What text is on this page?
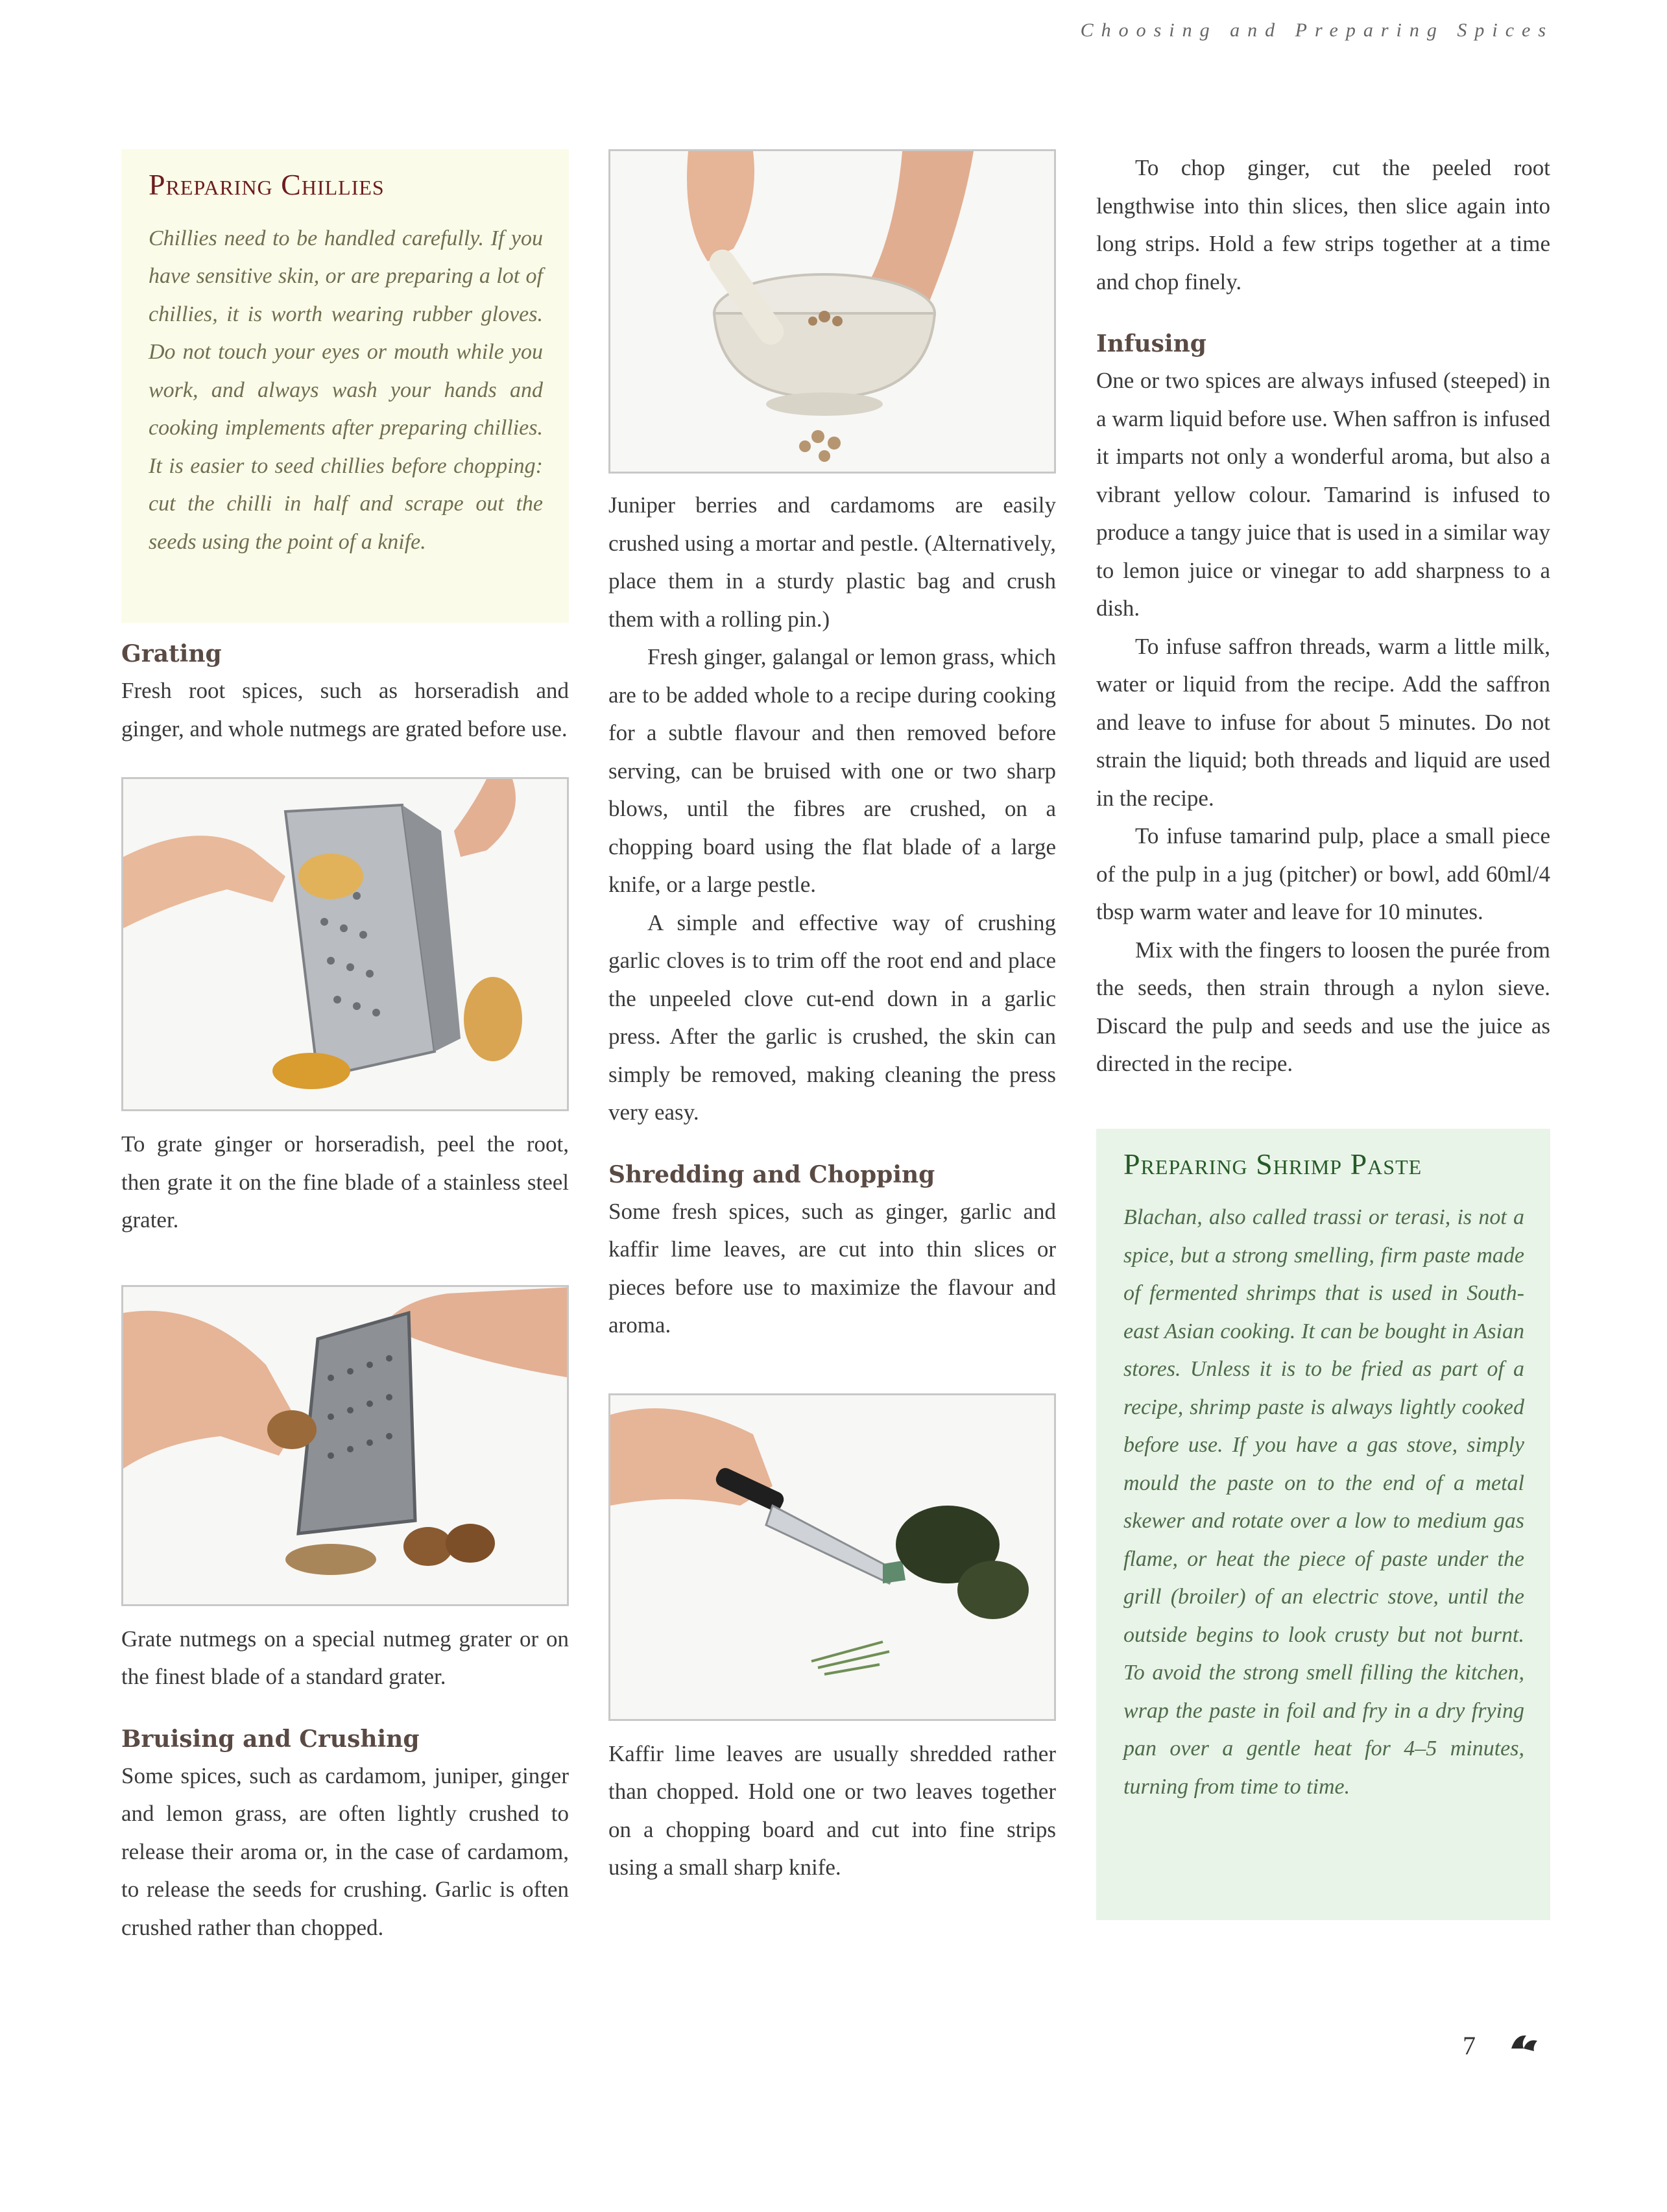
Choosing and Preparing Spices
Preparing Chillies

Chillies need to be handled carefully. If you have sensitive skin, or are preparing a lot of chillies, it is worth wearing rubber gloves. Do not touch your eyes or mouth while you work, and always wash your hands and cooking implements after preparing chillies. It is easier to seed chillies before chopping: cut the chilli in half and scrape out the seeds using the point of a knife.

Grating

Fresh root spices, such as horseradish and ginger, and whole nutmegs are grated before use.

To grate ginger or horseradish, peel the root, then grate it on the fine blade of a stainless steel grater.

Grate nutmegs on a special nutmeg grater or on the finest blade of a standard grater.

Bruising and Crushing

Some spices, such as cardamom, juniper, ginger and lemon grass, are often lightly crushed to release their aroma or, in the case of cardamom, to release the seeds for crushing. Garlic is often crushed rather than chopped.

Juniper berries and cardamoms are easily crushed using a mortar and pestle. (Alternatively, place them in a sturdy plastic bag and crush them with a rolling pin.)

Fresh ginger, galangal or lemon grass, which are to be added whole to a recipe during cooking for a subtle flavour and then removed before serving, can be bruised with one or two sharp blows, until the fibres are crushed, on a chopping board using the flat blade of a large knife, or a large pestle.

A simple and effective way of crushing garlic cloves is to trim off the root end and place the unpeeled clove cut-end down in a garlic press. After the garlic is crushed, the skin can simply be removed, making cleaning the press very easy.

Shredding and Chopping

Some fresh spices, such as ginger, garlic and kaffir lime leaves, are cut into thin slices or pieces before use to maximize the flavour and aroma.

Kaffir lime leaves are usually shredded rather than chopped. Hold one or two leaves together on a chopping board and cut into fine strips using a small sharp knife.

To chop ginger, cut the peeled root lengthwise into thin slices, then slice again into long strips. Hold a few strips together at a time and chop finely.

Infusing

One or two spices are always infused (steeped) in a warm liquid before use. When saffron is infused it imparts not only a wonderful aroma, but also a vibrant yellow colour. Tamarind is infused to produce a tangy juice that is used in a similar way to lemon juice or vinegar to add sharpness to a dish.

To infuse saffron threads, warm a little milk, water or liquid from the recipe. Add the saffron and leave to infuse for about 5 minutes. Do not strain the liquid; both threads and liquid are used in the recipe.

To infuse tamarind pulp, place a small piece of the pulp in a jug (pitcher) or bowl, add 60ml/4 tbsp warm water and leave for 10 minutes.

Mix with the fingers to loosen the purée from the seeds, then strain through a nylon sieve. Discard the pulp and seeds and use the juice as directed in the recipe.

Preparing Shrimp Paste

Blachan, also called trassi or terasi, is not a spice, but a strong smelling, firm paste made of fermented shrimps that is used in South-east Asian cooking. It can be bought in Asian stores. Unless it is to be fried as part of a recipe, shrimp paste is always lightly cooked before use. If you have a gas stove, simply mould the paste on to the end of a metal skewer and rotate over a low to medium gas flame, or heat the piece of paste under the grill (broiler) of an electric stove, until the outside begins to look crusty but not burnt. To avoid the strong smell filling the kitchen, wrap the paste in foil and fry in a dry frying pan over a gentle heat for 4–5 minutes, turning from time to time.

7
